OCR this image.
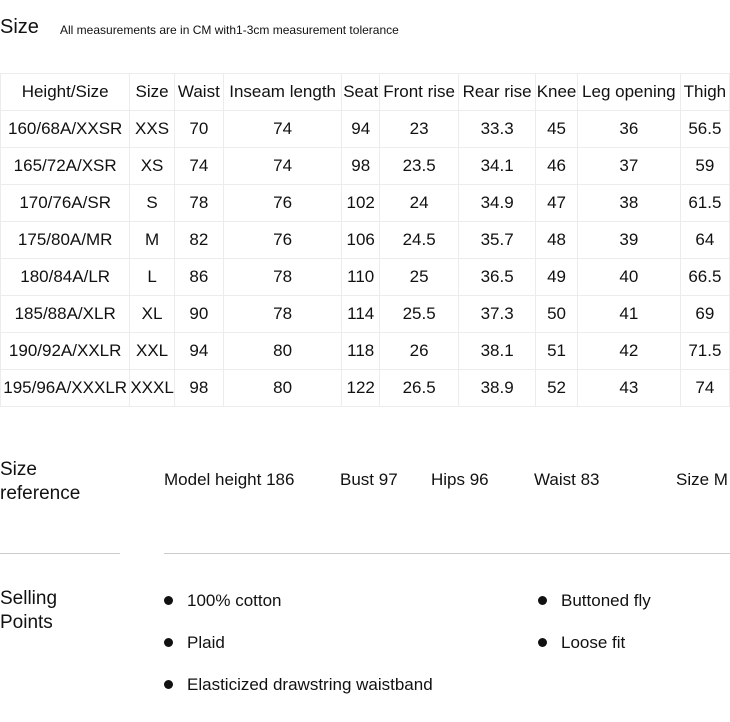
Size All measurements are in CM with1-3cm measurement tolerance
Height/Size	Size	Waist	Inseam length	Seat	Front rise	Rear rise	Knee	Leg opening	Thigh
160/68A/XXSR	XXS	70	74	94	23	33.3	45	36	56.5
165/72A/XSR	XS	74	74	98	23.5	34.1	46	37	59
170/76A/SR	S	78	76	102	24	34.9	47	38	61.5
175/80A/MR	M	82	76	106	24.5	35.7	48	39	64
180/84A/LR	L	86	78	110	25	36.5	49	40	66.5
185/88A/XLR	XL	90	78	114	25.5	37.3	50	41	69
190/92A/XXLR	XXL	94	80	118	26	38.1	51	42	71.5
195/96A/XXXLR	XXXL	98	80	122	26.5	38.9	52	43	74
Size
reference
Model height 186	Bust 97 Hips 96	Waist 83	Size M
Selling
Points
100% cotton
Plaid
Elasticized drawstring waistband
Buttoned fly
Loose fit
